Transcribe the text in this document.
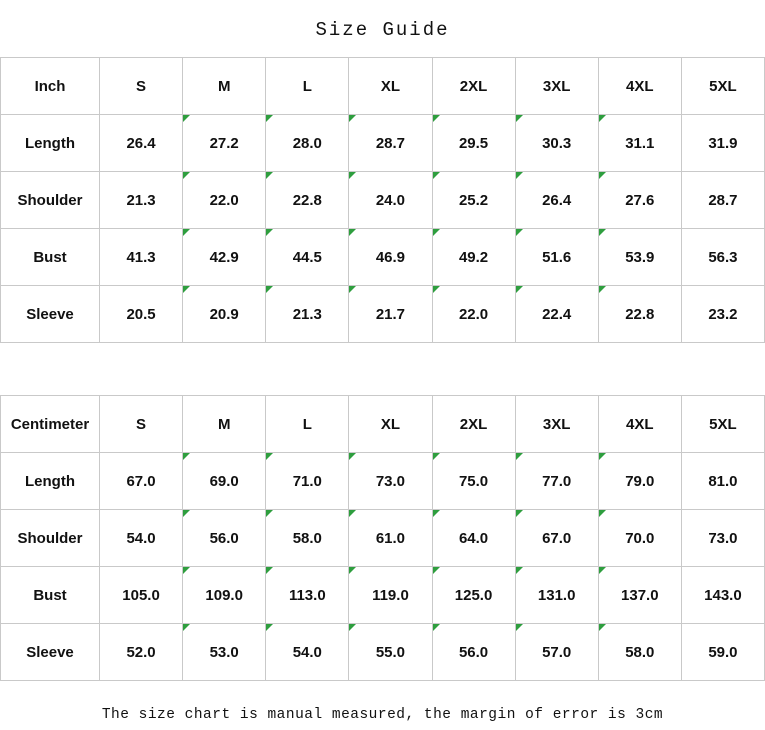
Size Guide
Inch	S	M	L	XL	2XL	3XL	4XL	5XL
Length	26.4	27.2	28.0	28.7	29.5	30.3	31.1	31.9
Shoulder	21.3	22.0	22.8	24.0	25.2	26.4	27.6	28.7
Bust	41.3	42.9	44.5	46.9	49.2	51.6	53.9	56.3
Sleeve	20.5	20.9	21.3	21.7	22.0	22.4	22.8	23.2
Centimeter	S	M	L	XL	2XL	3XL	4XL	5XL
Length	67.0	69.0	71.0	73.0	75.0	77.0	79.0	81.0
Shoulder	54.0	56.0	58.0	61.0	64.0	67.0	70.0	73.0
Bust	105.0	109.0	113.0	119.0	125.0	131.0	137.0	143.0
Sleeve	52.0	53.0	54.0	55.0	56.0	57.0	58.0	59.0
The size chart is manual measured, the margin of error is 3cm
